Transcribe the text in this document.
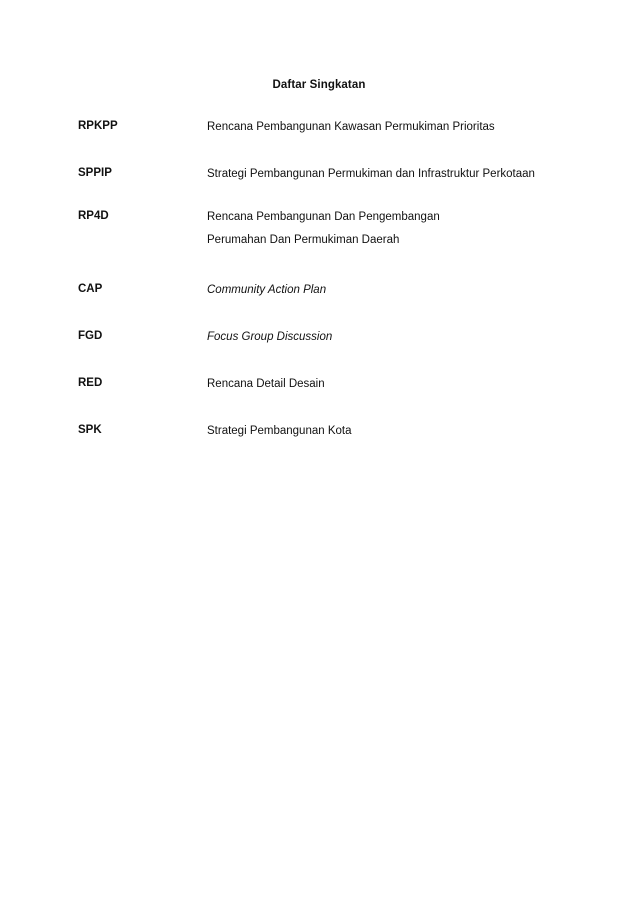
Daftar Singkatan
RPKPP	Rencana Pembangunan Kawasan Permukiman Prioritas
SPPIP	Strategi Pembangunan Permukiman dan Infrastruktur Perkotaan
RP4D	Rencana Pembangunan Dan Pengembangan
Perumahan Dan Permukiman Daerah
CAP	Community Action Plan
FGD	Focus Group Discussion
RED	Rencana Detail Desain
SPK	Strategi Pembangunan Kota
